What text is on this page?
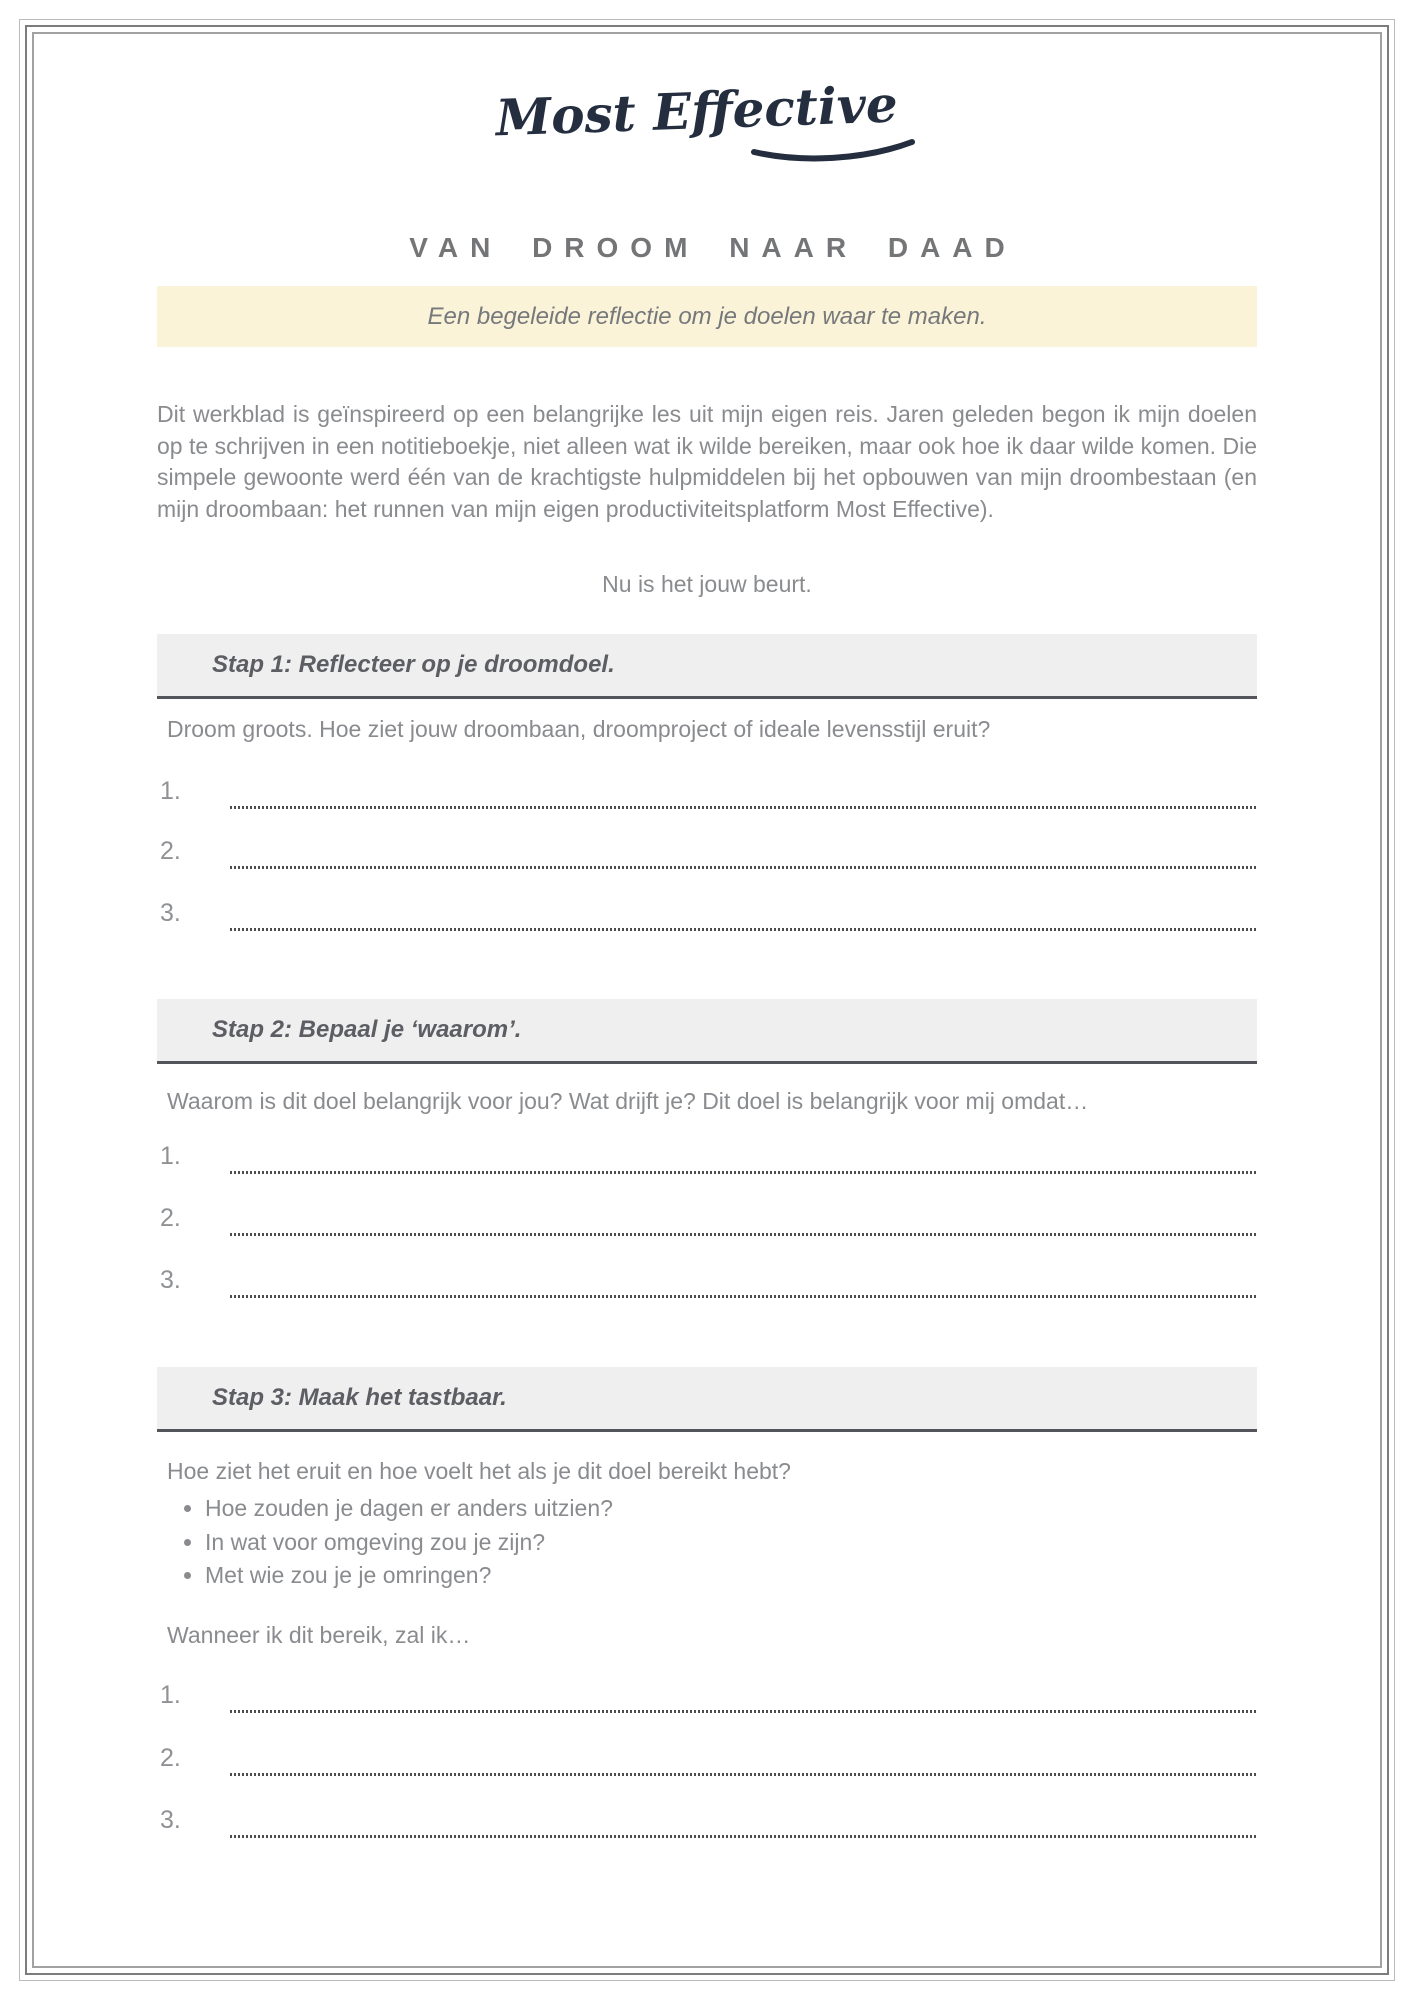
Most Effective
VAN DROOM NAAR DAAD
Een begeleide reflectie om je doelen waar te maken.

Dit werkblad is geïnspireerd op een belangrijke les uit mijn eigen reis. Jaren geleden begon ik mijn doelen op te schrijven in een notitieboekje, niet alleen wat ik wilde bereiken, maar ook hoe ik daar wilde komen. Die simpele gewoonte werd één van de krachtigste hulpmiddelen bij het opbouwen van mijn droombestaan (en mijn droombaan: het runnen van mijn eigen productiviteitsplatform Most Effective).

Nu is het jouw beurt.
Stap 1: Reflecteer op je droomdoel.
Droom groots. Hoe ziet jouw droombaan, droomproject of ideale levensstijl eruit?
1.
2.
3.
Stap 2: Bepaal je ‘waarom’.
Waarom is dit doel belangrijk voor jou? Wat drijft je? Dit doel is belangrijk voor mij omdat…
1.
2.
3.
Stap 3: Maak het tastbaar.
Hoe ziet het eruit en hoe voelt het als je dit doel bereikt hebt?
• Hoe zouden je dagen er anders uitzien?
• In wat voor omgeving zou je zijn?
• Met wie zou je je omringen?
Wanneer ik dit bereik, zal ik…
1.
2.
3.
